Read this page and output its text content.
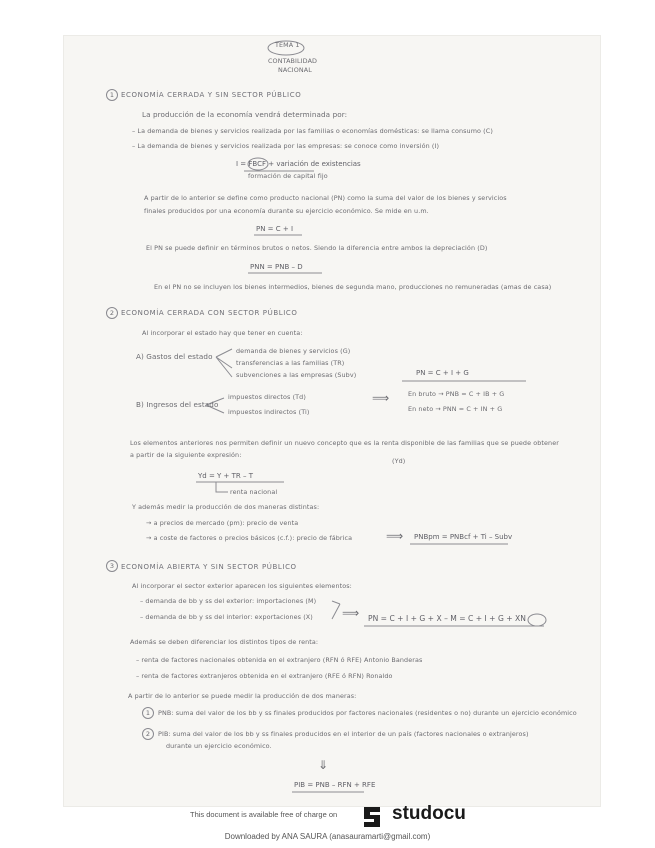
TEMA 1
CONTABILIDAD
NACIONAL
1 ECONOMÍA CERRADA Y SIN SECTOR PÚBLICO
La producción de la economía vendrá determinada por:
– La demanda de bienes y servicios realizada por las familias o economías domésticas: se llama consumo (C)
– La demanda de bienes y servicios realizada por las empresas: se conoce como inversión (I)
I = FBCF + variación de existencias
formación de capital fijo
A partir de lo anterior se define como producto nacional (PN) como la suma del valor de los bienes y servicios
finales producidos por una economía durante su ejercicio económico. Se mide en u.m.
PN = C + I
El PN se puede definir en términos brutos o netos. Siendo la diferencia entre ambos la depreciación (D)
PNN = PNB – D
En el PN no se incluyen los bienes intermedios, bienes de segunda mano, producciones no remuneradas (amas de casa)
2 ECONOMÍA CERRADA CON SECTOR PÚBLICO
Al incorporar el estado hay que tener en cuenta:
A) Gastos del estado
demanda de bienes y servicios (G)
transferencias a las familias (TR)
subvenciones a las empresas (Subv)
B) Ingresos del estado
impuestos directos (Td)
impuestos indirectos (Ti)
⟹
PN = C + I + G
En bruto → PNB = C + IB + G
En neto → PNN = C + IN + G
Los elementos anteriores nos permiten definir un nuevo concepto que es la renta disponible de las familias que se puede obtener
a partir de la siguiente expresión:
(Yd)
Yd = Y + TR – T
renta nacional
Y además medir la producción de dos maneras distintas:
→ a precios de mercado (pm): precio de venta
→ a coste de factores o precios básicos (c.f.): precio de fábrica	⟹ PNBpm = PNBcf + Ti – Subv
3 ECONOMÍA ABIERTA Y SIN SECTOR PÚBLICO
Al incorporar el sector exterior aparecen los siguientes elementos:
– demanda de bb y ss del exterior: importaciones (M)
– demanda de bb y ss del interior: exportaciones (X) ⟹ PN = C + I + G + X – M = C + I + G + XN
Además se deben diferenciar los distintos tipos de renta:
– renta de factores nacionales obtenida en el extranjero (RFN ó RFE) Antonio Banderas
– renta de factores extranjeros obtenida en el extranjero (RFE ó RFN) Ronaldo
A partir de lo anterior se puede medir la producción de dos maneras:
1	PNB: suma del valor de los bb y ss finales producidos por factores nacionales (residentes o no) durante un ejercicio económico
2	PIB: suma del valor de los bb y ss finales producidos en el interior de un país (factores nacionales o extranjeros)
durante un ejercicio económico.
⇓
PIB = PNB – RFN + RFE
This document is available free of charge on	studocu
Downloaded by ANA SAURA (anasauramarti@gmail.com)
